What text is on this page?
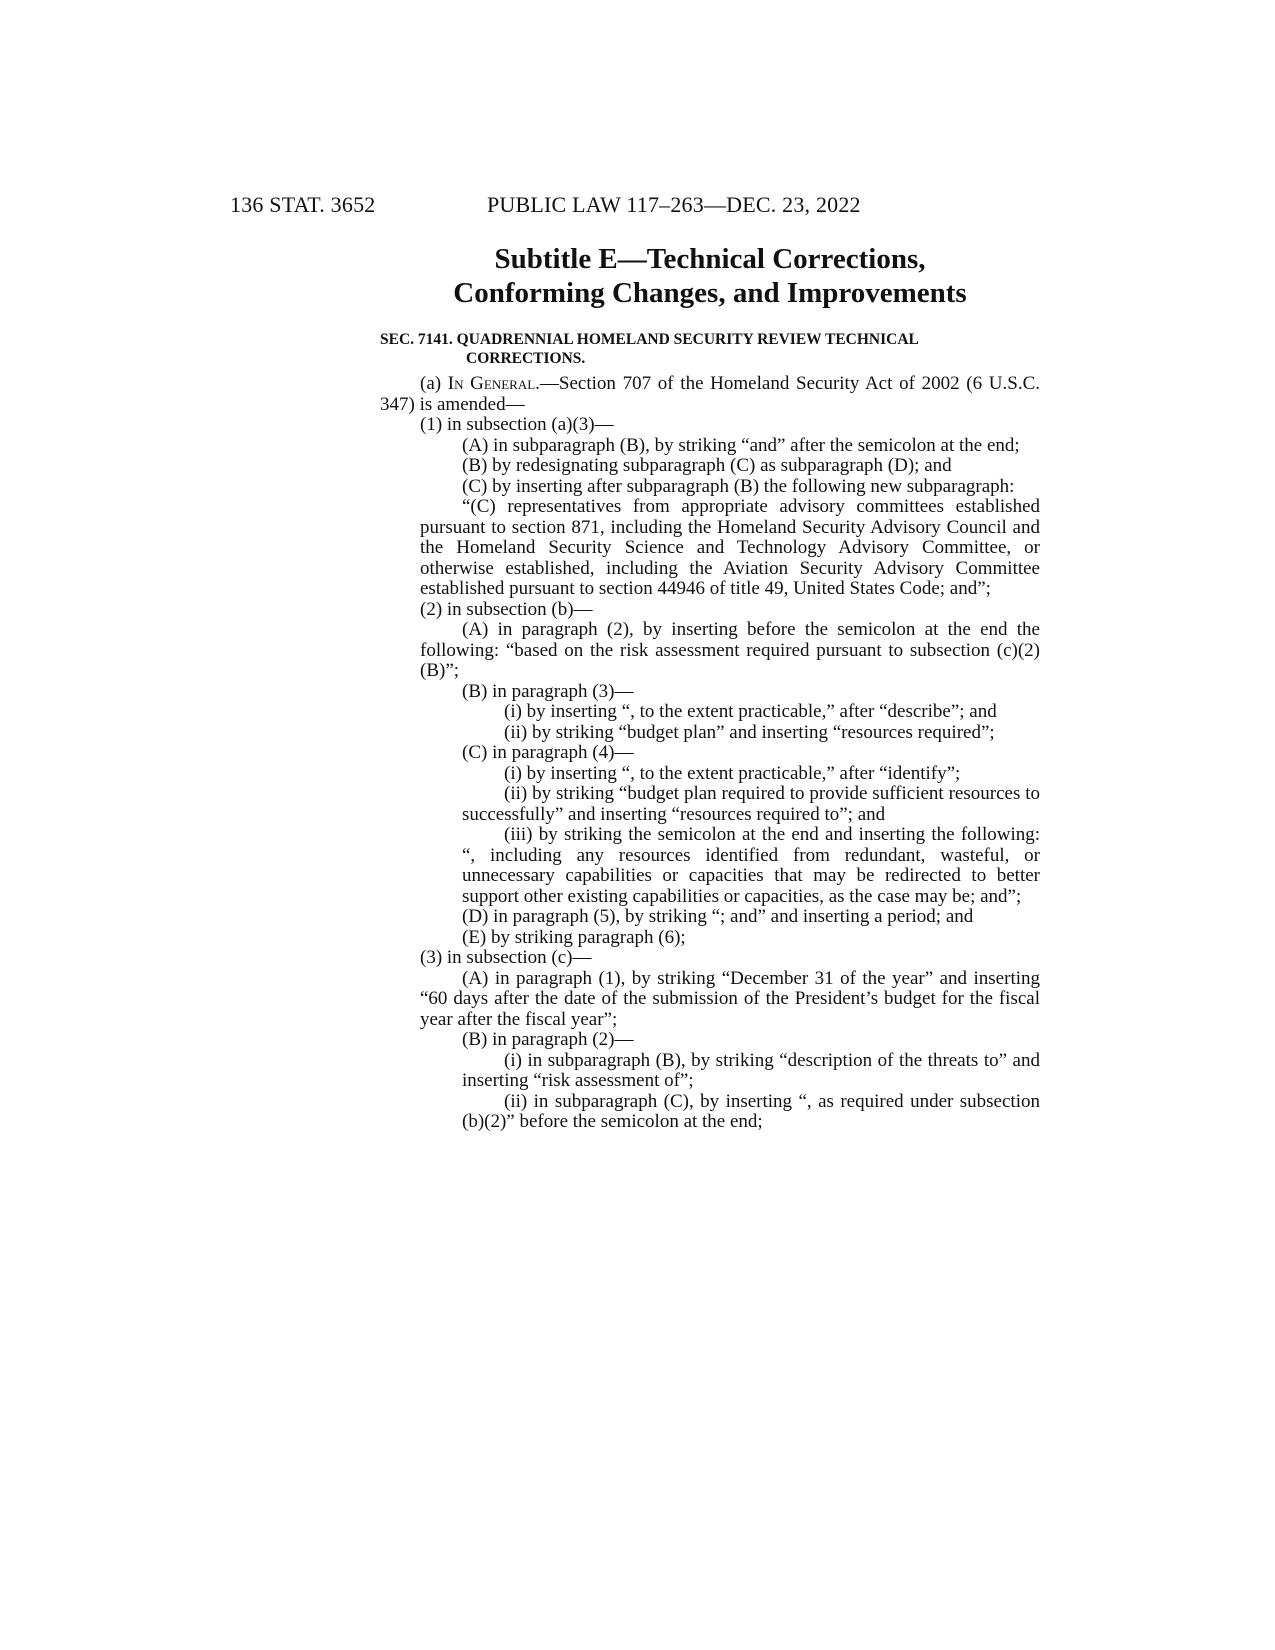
136 STAT. 3652	PUBLIC LAW 117–263—DEC. 23, 2022
Subtitle E—Technical Corrections,
Conforming Changes, and Improvements
SEC. 7141. QUADRENNIAL HOMELAND SECURITY REVIEW TECHNICAL CORRECTIONS.

(a) In General.—Section 707 of the Homeland Security Act of 2002 (6 U.S.C. 347) is amended—

(1) in subsection (a)(3)—

(A) in subparagraph (B), by striking “and” after the semicolon at the end;

(B) by redesignating subparagraph (C) as subparagraph (D); and

(C) by inserting after subparagraph (B) the following new subparagraph:

“(C) representatives from appropriate advisory committees established pursuant to section 871, including the Homeland Security Advisory Council and the Homeland Security Science and Technology Advisory Committee, or otherwise established, including the Aviation Security Advisory Committee established pursuant to section 44946 of title 49, United States Code; and”;

(2) in subsection (b)—

(A) in paragraph (2), by inserting before the semicolon at the end the following: “based on the risk assessment required pursuant to subsection (c)(2)(B)”;

(B) in paragraph (3)—

(i) by inserting “, to the extent practicable,” after “describe”; and

(ii) by striking “budget plan” and inserting “resources required”;

(C) in paragraph (4)—

(i) by inserting “, to the extent practicable,” after “identify”;

(ii) by striking “budget plan required to provide sufficient resources to successfully” and inserting “resources required to”; and

(iii) by striking the semicolon at the end and inserting the following: “, including any resources identified from redundant, wasteful, or unnecessary capabilities or capacities that may be redirected to better support other existing capabilities or capacities, as the case may be; and”;

(D) in paragraph (5), by striking “; and” and inserting a period; and

(E) by striking paragraph (6);

(3) in subsection (c)—

(A) in paragraph (1), by striking “December 31 of the year” and inserting “60 days after the date of the submission of the President’s budget for the fiscal year after the fiscal year”;

(B) in paragraph (2)—

(i) in subparagraph (B), by striking “description of the threats to” and inserting “risk assessment of”;

(ii) in subparagraph (C), by inserting “, as required under subsection (b)(2)” before the semicolon at the end;
